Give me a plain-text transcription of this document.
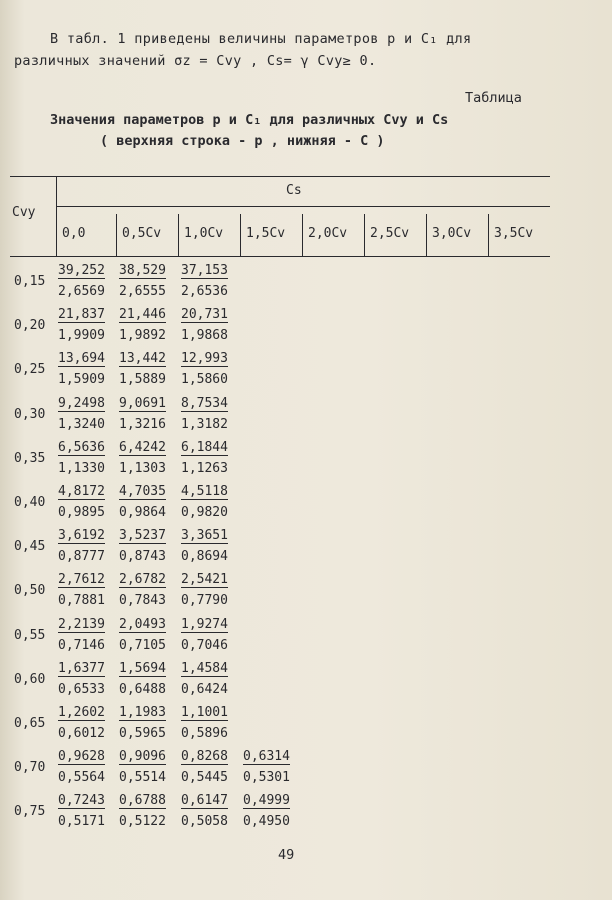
В табл. 1 приведены величины параметров p и C₁ для
различных значений σz = Cvy , Cs= γ Cvy≥ 0.
Таблица
Значения параметров p и C₁ для различных Cvy и Cs
( верхняя строка - p , нижняя - C )
Cvy
Cs
0,0	0,5Cv 1,0Cv 1,5Cv 2,0Cv 2,5Cv 3,0Cv 3,5Cv
0,15
39,252 38,529 37,153
2,6569 2,6555 2,6536
0,20
21,837 21,446 20,731
1,9909 1,9892 1,9868
0,25
13,694 13,442 12,993
1,5909 1,5889 1,5860
0,30
9,2498 9,0691 8,7534
1,3240 1,3216 1,3182
0,35
6,5636 6,4242 6,1844
1,1330 1,1303 1,1263
0,40
4,8172 4,7035 4,5118
0,9895 0,9864 0,9820
0,45
3,6192 3,5237 3,3651
0,8777 0,8743 0,8694
0,50
2,7612 2,6782 2,5421
0,7881 0,7843 0,7790
0,55
2,2139 2,0493 1,9274
0,7146 0,7105 0,7046
0,60
1,6377 1,5694 1,4584
0,6533 0,6488 0,6424
0,65
1,2602 1,1983 1,1001
0,6012 0,5965 0,5896
0,70
0,9628 0,9096 0,8268 0,6314
0,5564 0,5514 0,5445 0,5301
0,75
0,7243 0,6788 0,6147 0,4999
0,5171 0,5122 0,5058 0,4950
49
